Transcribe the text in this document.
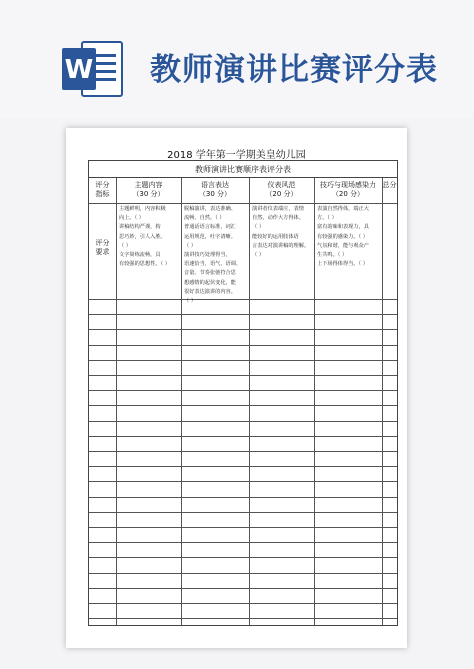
W 教师演讲比赛评分表
2018 学年第一学期美皇幼儿园
教师演讲比赛顺序表评分表
评分
指标
主题内容
（30 分）
语言表达
（30 分）
仪表风范
（20 分）
技巧与现场感染力
（20 分）
总分
评分
要求
主题鲜明，内容积极
向上。（ ）
讲稿结构严谨，构
思巧妙，引人入胜。
（ ）
文字简练流畅，具
有较强的思想性。（ ）
脱稿演讲，表达准确、
流畅、自然。（ ）
普通话语言标准，词汇
运用规范，吐字清晰。
（ ）
演讲技巧处理得当，
语速恰当，语气、语调、
音量、节奏张弛符合思
想感情的起伏变化，能
很好表达演讲的内容。
（ ）
演讲者仪表端庄，表情
自然，动作大方得体。
（ ）
能较好的运用肢体语
言表达对演讲稿的理解。
（ ）
表演自然得体，端正大
方。（ ）
富有韵味和表现力，具
有较强的感染力。（ ）
气氛和谐，能与观众产
生共鸣。（ ）
上下场得体得当。（ ）
